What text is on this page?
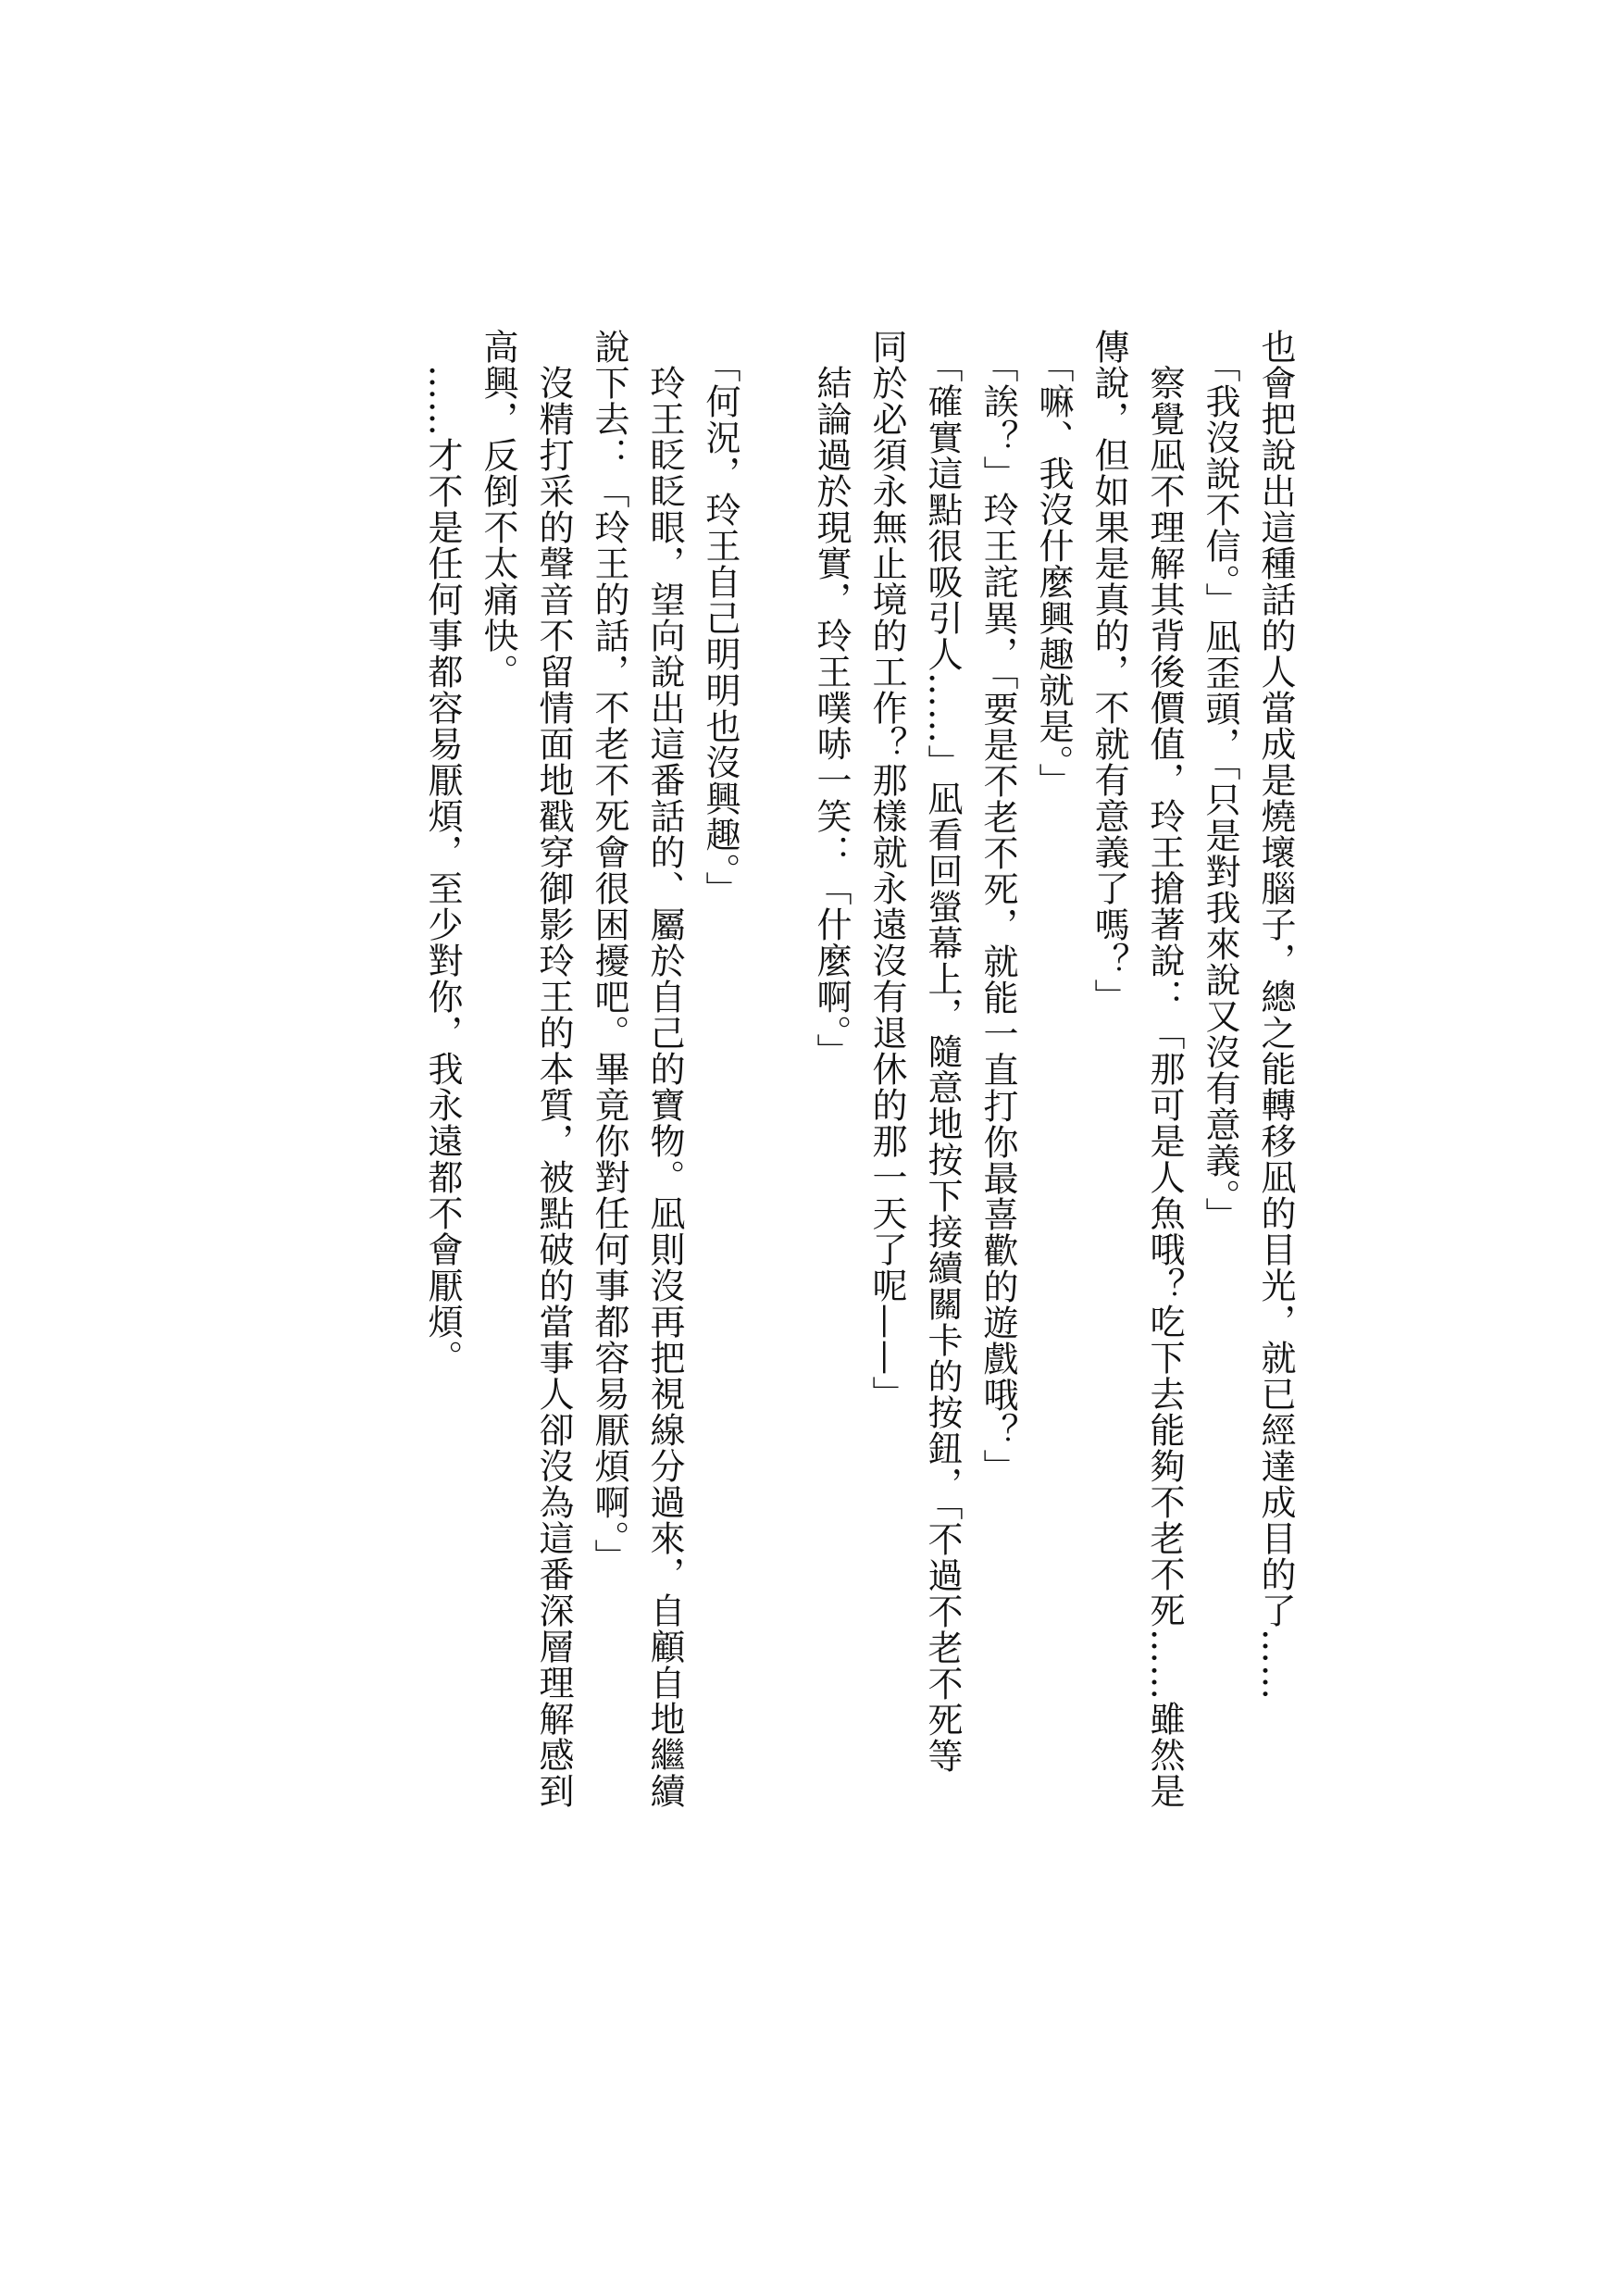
也會把說出這種話的人當成是燒壞腦子，總之能轉移凪的目光，就已經達成目的了……

　「我沒說不信。」凪歪頭，「只是對我來說又沒有意義。」

　察覺凪不理解其背後價值，玲王搶著說：「那可是人魚哦？吃下去能夠不老不死……雖然是

傳說，但如果是真的，不就有意義了嗎？」

　「嘛、我沒什麼興趣就是。」

　「誒？」玲王詫異，「要是不老不死，就能一直打你最喜歡的遊戲哦？」

　「確實這點很吸引人……」凪看回螢幕上，隨意地按下接續關卡的按鈕，「不過不老不死等

同於必須永無止境的工作？那樣就永遠沒有退休的那一天了呢——」

　結論過於現實，玲王噗哧一笑：「什麼啊。」

　「何況，玲王自己明明也沒興趣。」

　玲王眨眨眼，望向說出這番話的、屬於自己的寶物。凪則沒再把視線分過來，自顧自地繼續

說下去：「玲王的話，不老不死會很困擾吧。畢竟你對任何事都容易厭煩啊。」

　沒精打采的聲音不留情面地戳穿御影玲王的本質，被點破的當事人卻沒為這番深層理解感到

高興，反倒不太痛快。

　……才不是任何事都容易厭煩，至少對你，我永遠都不會厭煩。
